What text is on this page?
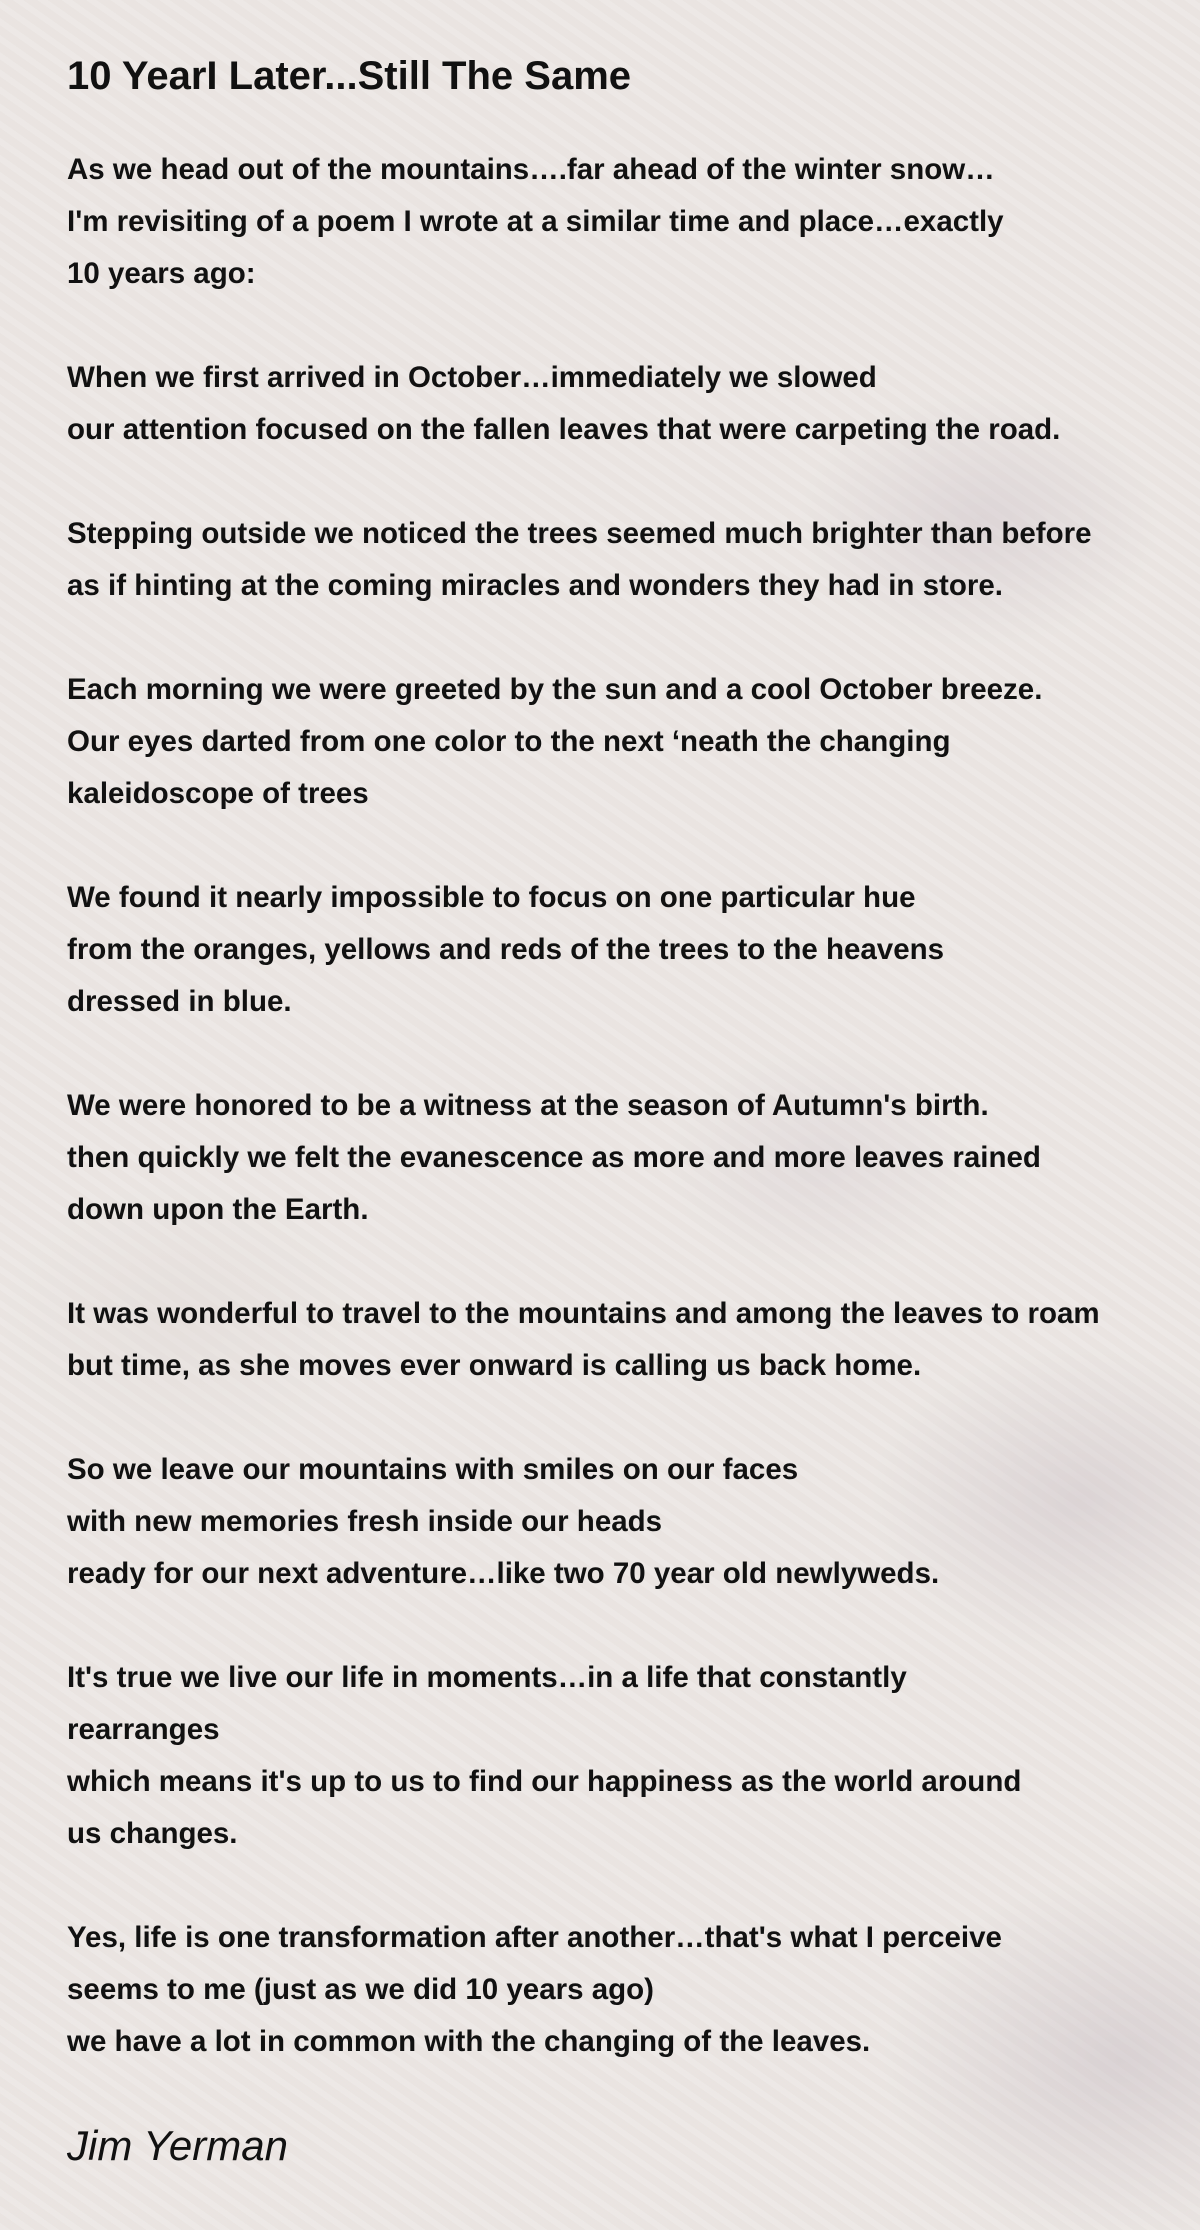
10 YearI Later...Still The Same
As we head out of the mountains….far ahead of the winter snow…
I'm revisiting of a poem I wrote at a similar time and place…exactly
10 years ago:
When we first arrived in October…immediately we slowed
our attention focused on the fallen leaves that were carpeting the road.
Stepping outside we noticed the trees seemed much brighter than before
as if hinting at the coming miracles and wonders they had in store.
Each morning we were greeted by the sun and a cool October breeze.
Our eyes darted from one color to the next ‘neath the changing
kaleidoscope of trees
We found it nearly impossible to focus on one particular hue
from the oranges, yellows and reds of the trees to the heavens
dressed in blue.
We were honored to be a witness at the season of Autumn's birth.
then quickly we felt the evanescence as more and more leaves rained
down upon the Earth.
It was wonderful to travel to the mountains and among the leaves to roam
but time, as she moves ever onward is calling us back home.
So we leave our mountains with smiles on our faces
with new memories fresh inside our heads
ready for our next adventure…like two 70 year old newlyweds.
It's true we live our life in moments…in a life that constantly
rearranges
which means it's up to us to find our happiness as the world around
us changes.
Yes, life is one transformation after another…that's what I perceive
seems to me (just as we did 10 years ago)
we have a lot in common with the changing of the leaves.
Jim Yerman
